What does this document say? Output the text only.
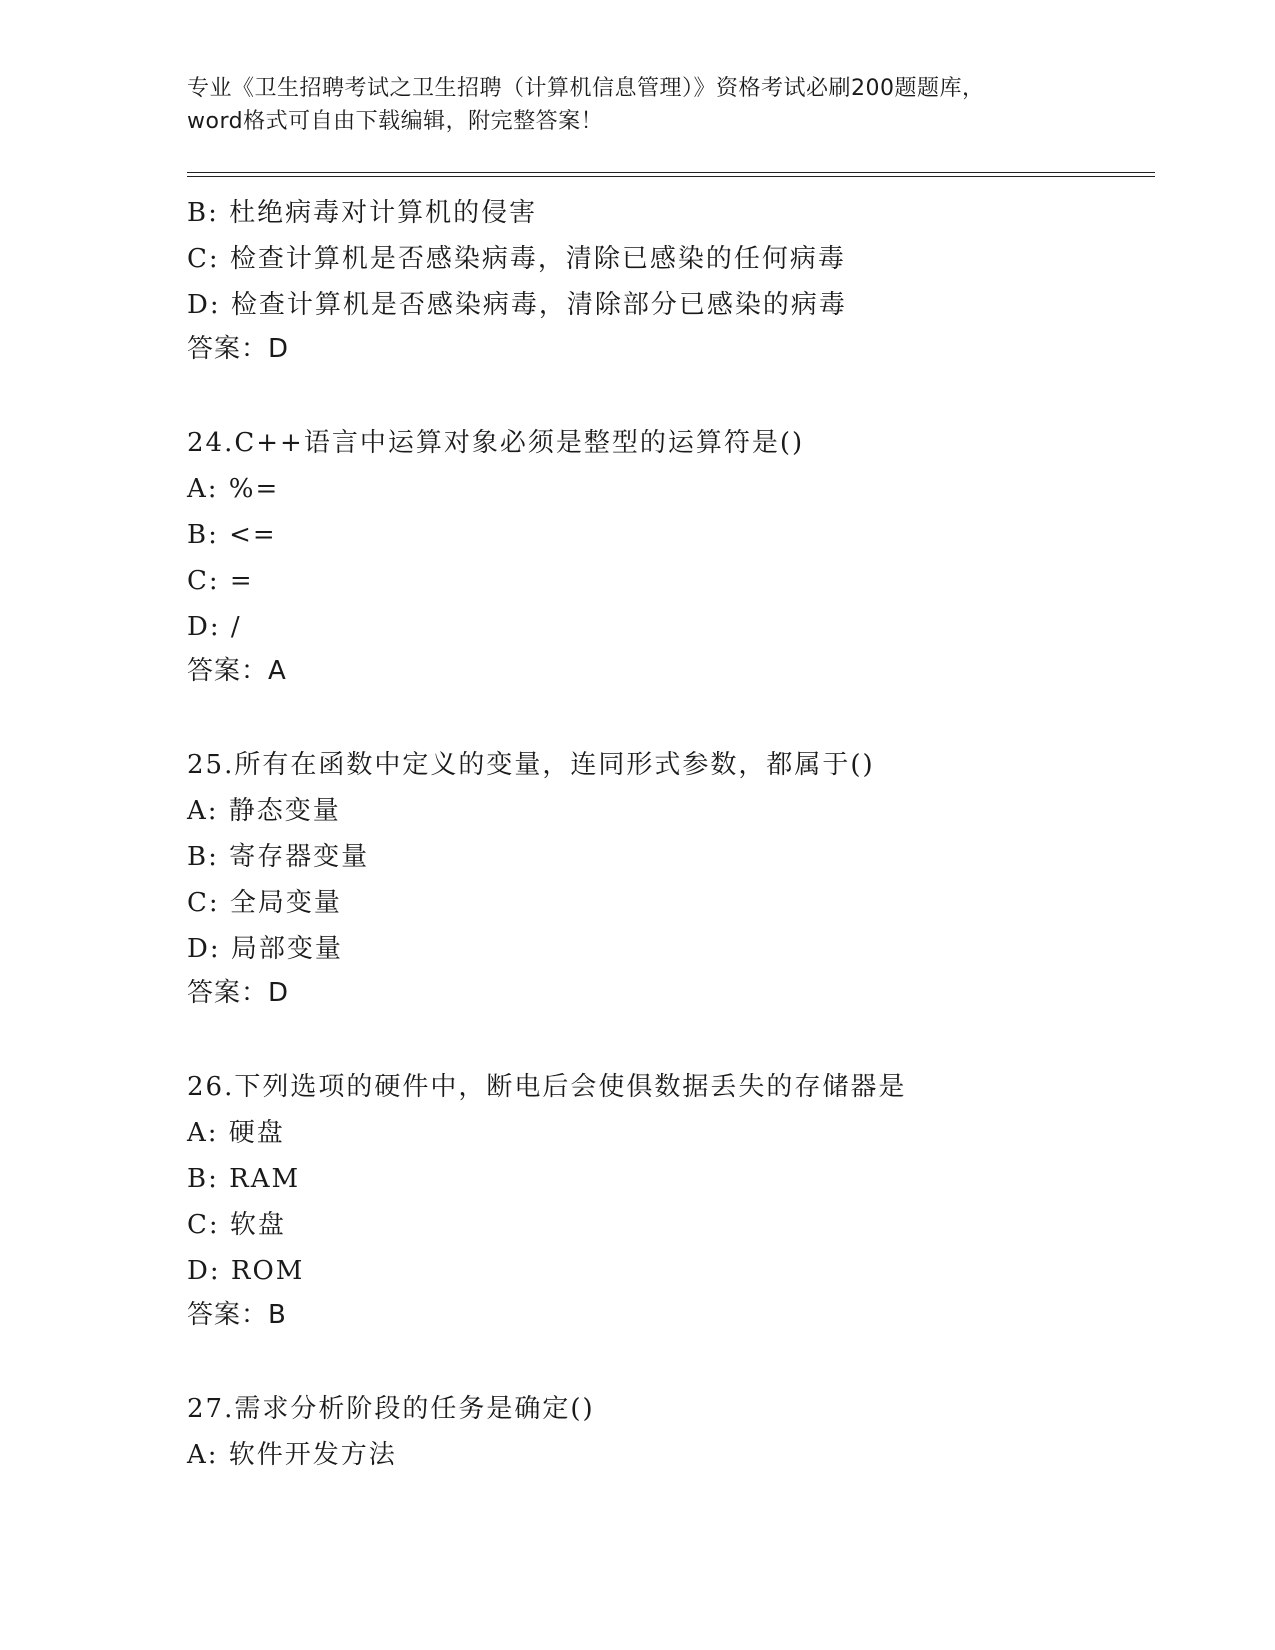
专业《卫生招聘考试之卫生招聘（计算机信息管理）》资格考试必刷200题题库，
word格式可自由下载编辑，附完整答案！
B: 杜绝病毒对计算机的侵害
C: 检查计算机是否感染病毒，清除已感染的任何病毒
D: 检查计算机是否感染病毒，清除部分已感染的病毒
答案：D
24.C++语言中运算对象必须是整型的运算符是()
A: %=
B: <=
C: =
D: /
答案：A
25.所有在函数中定义的变量，连同形式参数，都属于()
A: 静态变量
B: 寄存器变量
C: 全局变量
D: 局部变量
答案：D
26.下列选项的硬件中，断电后会使俱数据丢失的存储器是
A: 硬盘
B: RAM
C: 软盘
D: ROM
答案：B
27.需求分析阶段的任务是确定()
A: 软件开发方法
